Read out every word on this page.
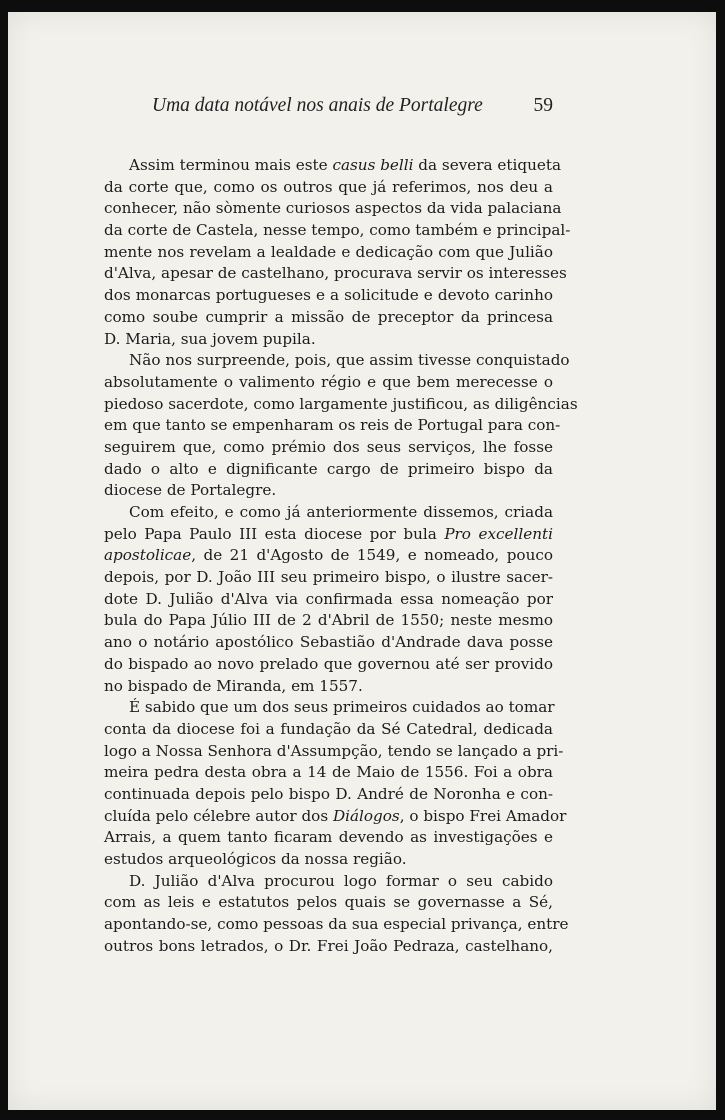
Uma data notável nos anais de Portalegre	59
Assim terminou mais este casus belli da severa etiqueta
da corte que, como os outros que já referimos, nos deu a
conhecer, não sòmente curiosos aspectos da vida palaciana
da corte de Castela, nesse tempo, como também e principal-
mente nos revelam a lealdade e dedicação com que Julião
d'Alva, apesar de castelhano, procurava servir os interesses
dos monarcas portugueses e a solicitude e devoto carinho
como soube cumprir a missão de preceptor da princesa
D. Maria, sua jovem pupila.
Não nos surpreende, pois, que assim tivesse conquistado
absolutamente o valimento régio e que bem merecesse o
piedoso sacerdote, como largamente justificou, as diligências
em que tanto se empenharam os reis de Portugal para con-
seguirem que, como prémio dos seus serviços, lhe fosse
dado o alto e dignificante cargo de primeiro bispo da
diocese de Portalegre.
Com efeito, e como já anteriormente dissemos, criada
pelo Papa Paulo III esta diocese por bula Pro excellenti
apostolicae, de 21 d'Agosto de 1549, e nomeado, pouco
depois, por D. João III seu primeiro bispo, o ilustre sacer-
dote D. Julião d'Alva via confirmada essa nomeação por
bula do Papa Júlio III de 2 d'Abril de 1550; neste mesmo
ano o notário apostólico Sebastião d'Andrade dava posse
do bispado ao novo prelado que governou até ser provido
no bispado de Miranda, em 1557.
É sabido que um dos seus primeiros cuidados ao tomar
conta da diocese foi a fundação da Sé Catedral, dedicada
logo a Nossa Senhora d'Assumpção, tendo se lançado a pri-
meira pedra desta obra a 14 de Maio de 1556. Foi a obra
continuada depois pelo bispo D. André de Noronha e con-
cluída pelo célebre autor dos Diálogos, o bispo Frei Amador
Arrais, a quem tanto ficaram devendo as investigações e
estudos arqueológicos da nossa região.
D. Julião d'Alva procurou logo formar o seu cabido
com as leis e estatutos pelos quais se governasse a Sé,
apontando-se, como pessoas da sua especial privança, entre
outros bons letrados, o Dr. Frei João Pedraza, castelhano,
